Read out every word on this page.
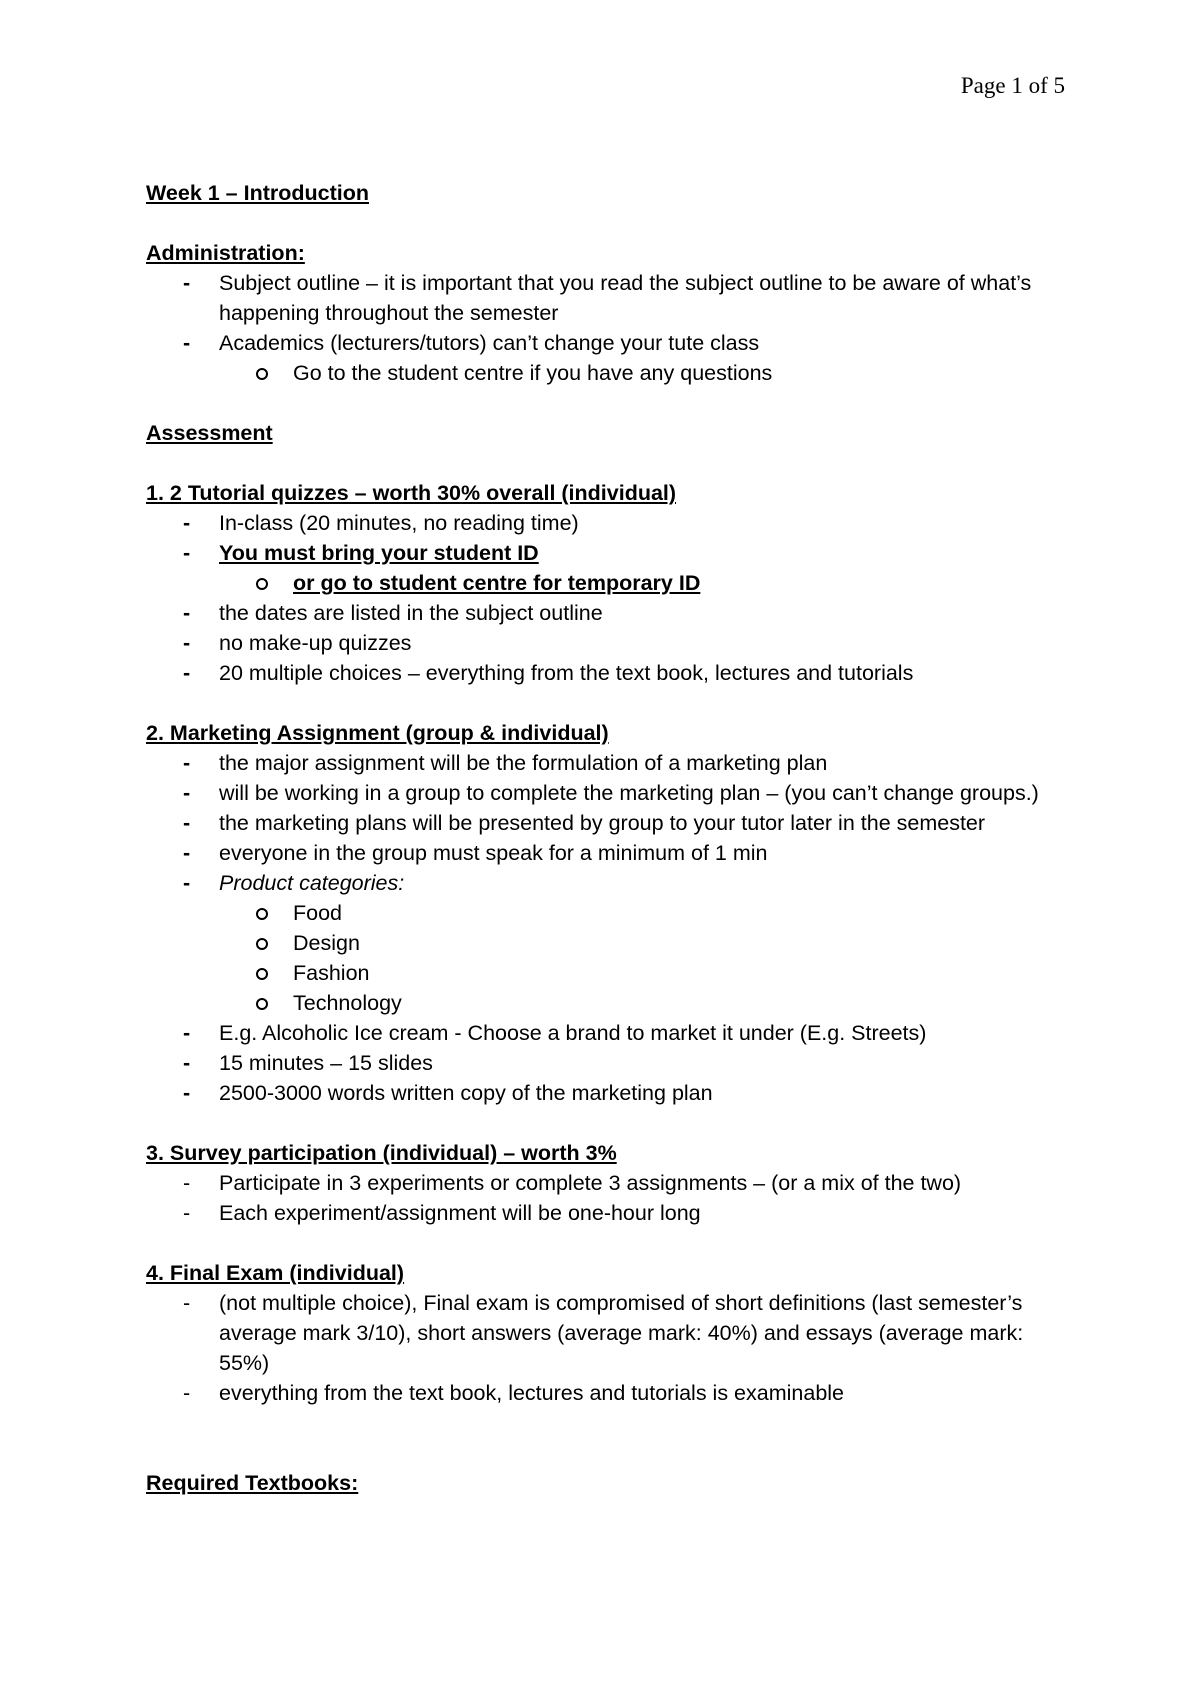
Page 1 of 5

Week 1 – Introduction

Administration:

- Subject outline – it is important that you read the subject outline to be aware of what’s happening throughout the semester
- Academics (lecturers/tutors) can’t change your tute class
Go to the student centre if you have any questions

Assessment

1. 2 Tutorial quizzes – worth 30% overall (individual)

- In-class (20 minutes, no reading time)
- You must bring your student ID
or go to student centre for temporary ID
- the dates are listed in the subject outline
- no make-up quizzes
- 20 multiple choices – everything from the text book, lectures and tutorials

2. Marketing Assignment (group & individual)

- the major assignment will be the formulation of a marketing plan
- will be working in a group to complete the marketing plan – (you can’t change groups.)
- the marketing plans will be presented by group to your tutor later in the semester
- everyone in the group must speak for a minimum of 1 min
- Product categories:
Food
Design
Fashion
Technology
- E.g. Alcoholic Ice cream - Choose a brand to market it under (E.g. Streets)
- 15 minutes – 15 slides
- 2500-3000 words written copy of the marketing plan

3. Survey participation (individual) – worth 3%

- Participate in 3 experiments or complete 3 assignments – (or a mix of the two)
- Each experiment/assignment will be one-hour long

4. Final Exam (individual)

- (not multiple choice), Final exam is compromised of short definitions (last semester’s average mark 3/10), short answers (average mark: 40%) and essays (average mark: 55%)
- everything from the text book, lectures and tutorials is examinable

Required Textbooks:
